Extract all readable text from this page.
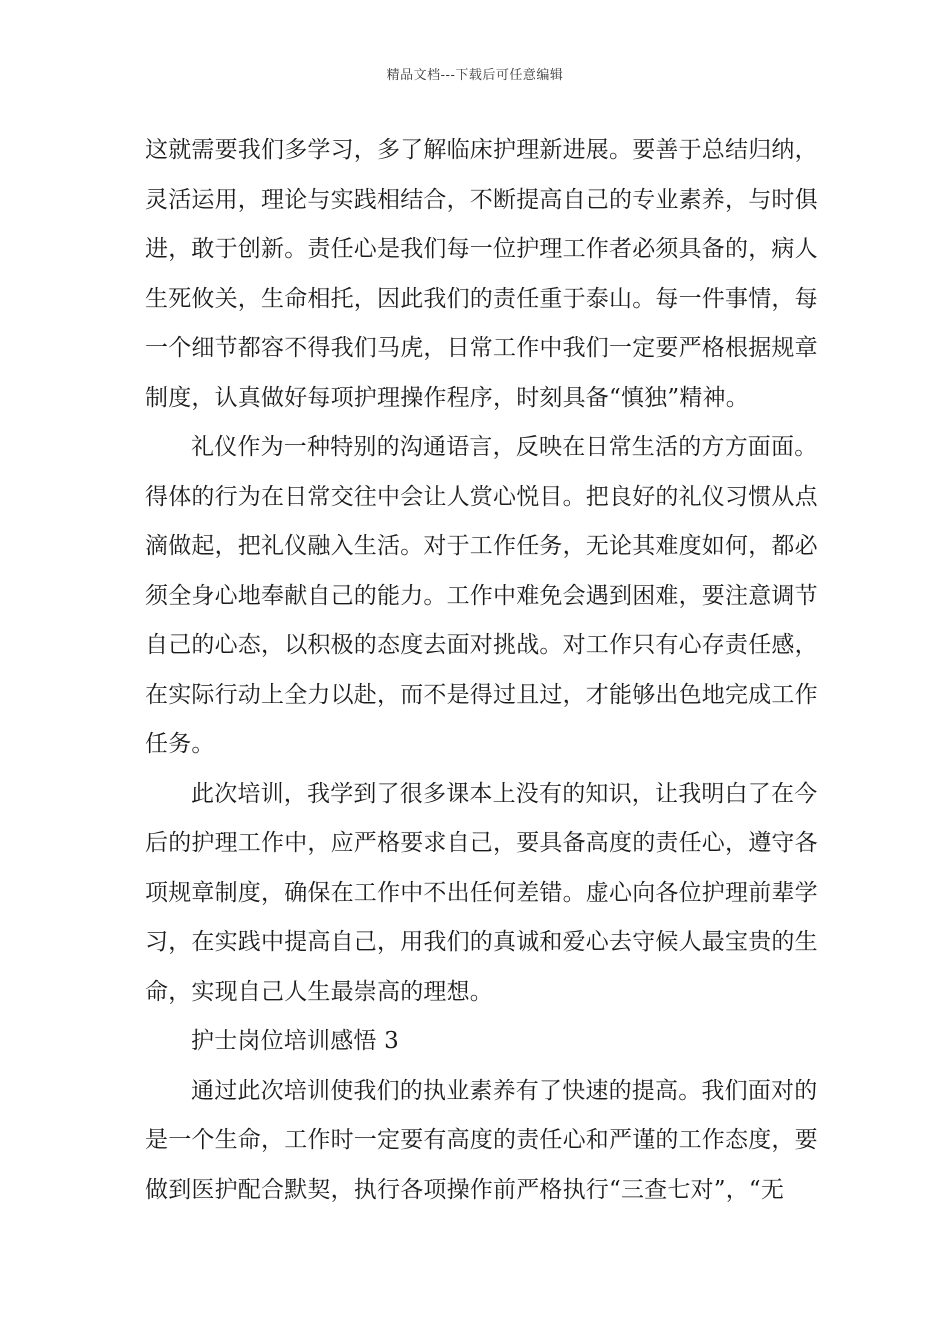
精品文档---下载后可任意编辑
这就需要我们多学习，多了解临床护理新进展。要善于总结归纳，
灵活运用，理论与实践相结合，不断提高自己的专业素养，与时俱
进，敢于创新。责任心是我们每一位护理工作者必须具备的，病人
生死攸关，生命相托，因此我们的责任重于泰山。每一件事情，每
一个细节都容不得我们马虎，日常工作中我们一定要严格根据规章
制度，认真做好每项护理操作程序，时刻具备“慎独”精神。
礼仪作为一种特别的沟通语言，反映在日常生活的方方面面。
得体的行为在日常交往中会让人赏心悦目。把良好的礼仪习惯从点
滴做起，把礼仪融入生活。对于工作任务，无论其难度如何，都必
须全身心地奉献自己的能力。工作中难免会遇到困难，要注意调节
自己的心态，以积极的态度去面对挑战。对工作只有心存责任感，
在实际行动上全力以赴，而不是得过且过，才能够出色地完成工作
任务。
此次培训，我学到了很多课本上没有的知识，让我明白了在今
后的护理工作中，应严格要求自己，要具备高度的责任心，遵守各
项规章制度，确保在工作中不出任何差错。虚心向各位护理前辈学
习，在实践中提高自己，用我们的真诚和爱心去守候人最宝贵的生
命，实现自己人生最崇高的理想。
护士岗位培训感悟 3
通过此次培训使我们的执业素养有了快速的提高。我们面对的
是一个生命，工作时一定要有高度的责任心和严谨的工作态度，要
做到医护配合默契，执行各项操作前严格执行“三查七对”，“无
